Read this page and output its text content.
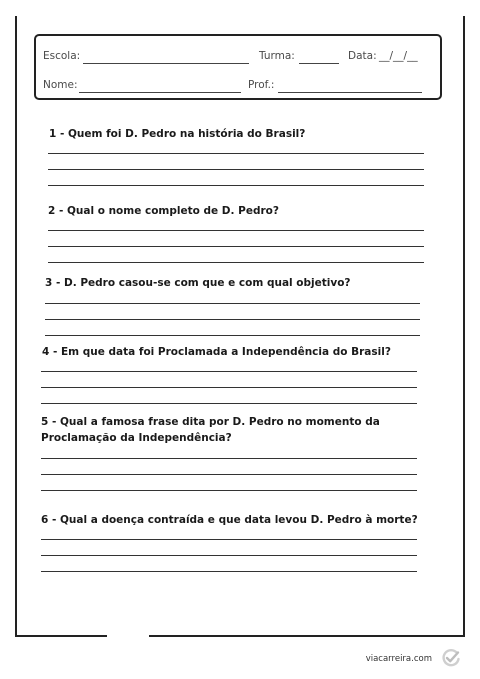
Escola:	Turma:	Data: __/__/__
Nome:	Prof.:
1 - Quem foi D. Pedro na história do Brasil?
2 - Qual o nome completo de D. Pedro?
3 - D. Pedro casou-se com que e com qual objetivo?
4 - Em que data foi Proclamada a Independência do Brasil?
5 - Qual a famosa frase dita por D. Pedro no momento da Proclamação da Independência?
6 - Qual a doença contraída e que data levou D. Pedro à morte?
viacarreira.com
